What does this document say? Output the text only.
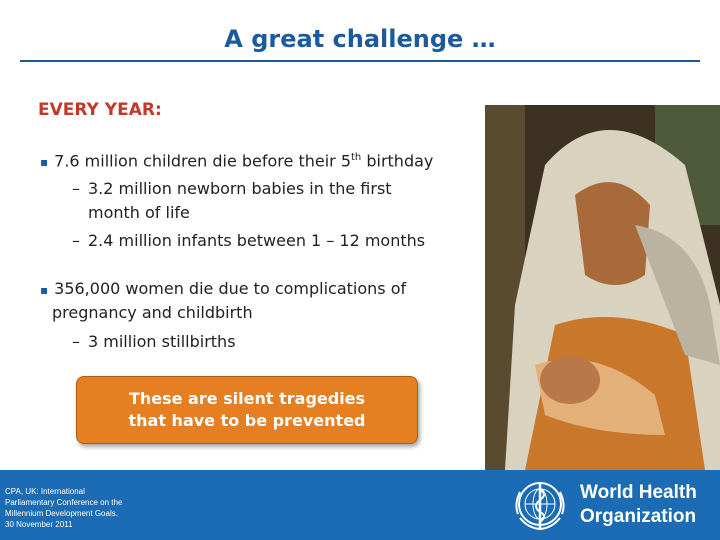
A great challenge …
EVERY YEAR:
▪ 7.6 million children die before their 5th birthday
– 3.2 million newborn babies in the first
month of life
– 2.4 million infants between 1 – 12 months
▪ 356,000 women die due to complications of
pregnancy and childbirth
– 3 million stillbirths
These are silent tragedies
that have to be prevented
CPA, UK: International
Parliamentary Conference on the
Millennium Development Goals.
30 November 2011
World Health
Organization
